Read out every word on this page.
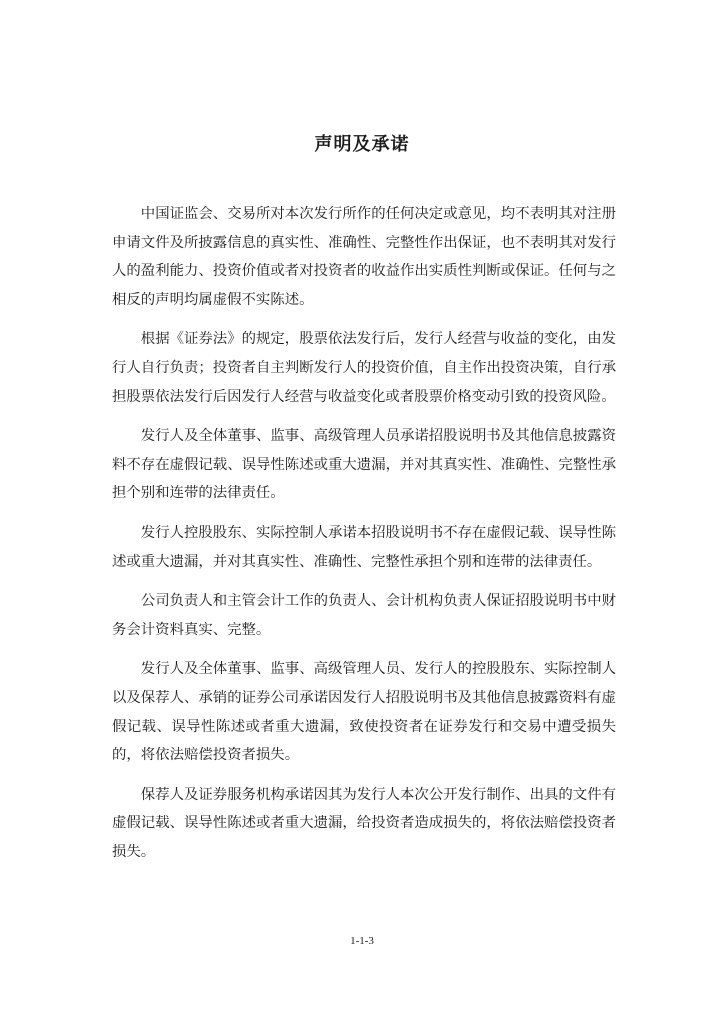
声明及承诺

中国证监会、交易所对本次发行所作的任何决定或意见，均不表明其对注册申请文件及所披露信息的真实性、准确性、完整性作出保证，也不表明其对发行人的盈利能力、投资价值或者对投资者的收益作出实质性判断或保证。任何与之相反的声明均属虚假不实陈述。

根据《证券法》的规定，股票依法发行后，发行人经营与收益的变化，由发行人自行负责；投资者自主判断发行人的投资价值，自主作出投资决策，自行承担股票依法发行后因发行人经营与收益变化或者股票价格变动引致的投资风险。

发行人及全体董事、监事、高级管理人员承诺招股说明书及其他信息披露资料不存在虚假记载、误导性陈述或重大遗漏，并对其真实性、准确性、完整性承担个别和连带的法律责任。

发行人控股股东、实际控制人承诺本招股说明书不存在虚假记载、误导性陈述或重大遗漏，并对其真实性、准确性、完整性承担个别和连带的法律责任。

公司负责人和主管会计工作的负责人、会计机构负责人保证招股说明书中财务会计资料真实、完整。

发行人及全体董事、监事、高级管理人员、发行人的控股股东、实际控制人以及保荐人、承销的证券公司承诺因发行人招股说明书及其他信息披露资料有虚假记载、误导性陈述或者重大遗漏，致使投资者在证券发行和交易中遭受损失的，将依法赔偿投资者损失。

保荐人及证券服务机构承诺因其为发行人本次公开发行制作、出具的文件有虚假记载、误导性陈述或者重大遗漏，给投资者造成损失的，将依法赔偿投资者损失。

1-1-3
